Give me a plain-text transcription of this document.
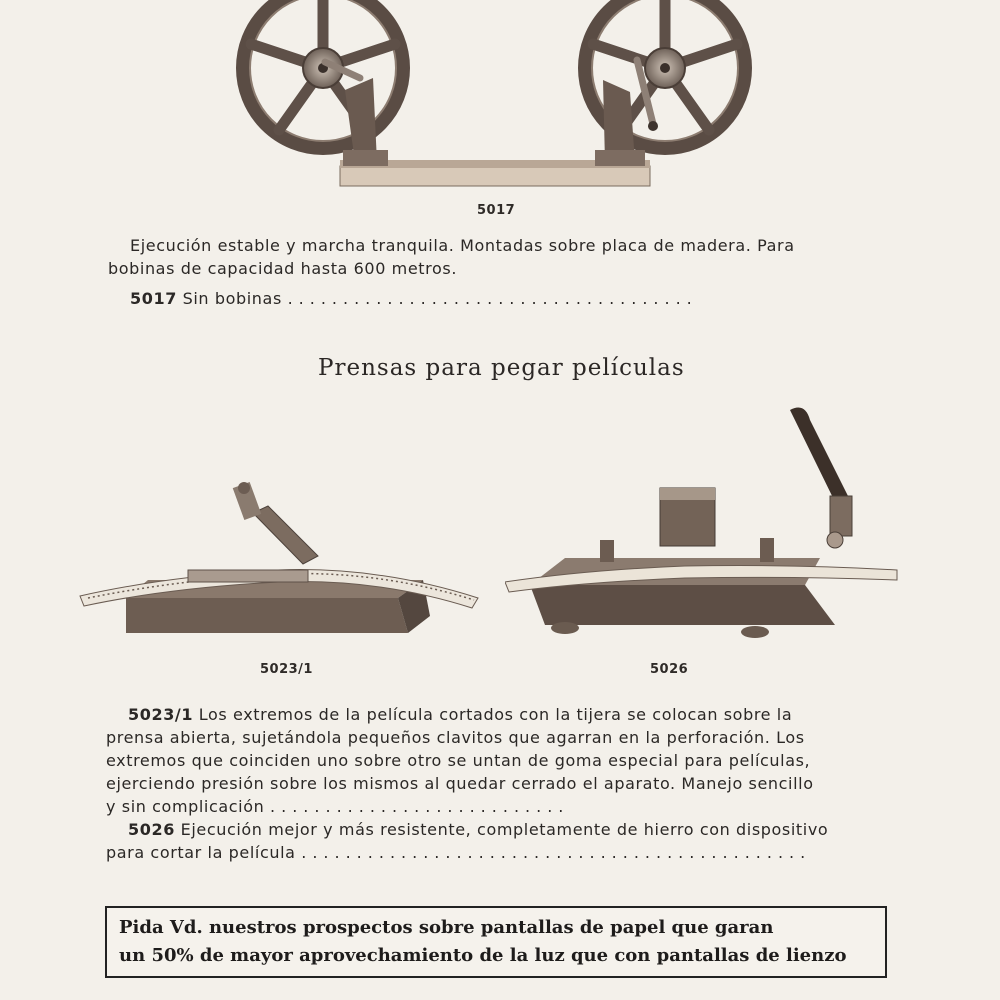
5017
Ejecución estable y marcha tranquila. Montadas sobre placa de madera. Para
bobinas de capacidad hasta 600 metros.
5017 Sin bobinas .....................................
Prensas para pegar películas
5023/1	5026
5023/1 Los extremos de la película cortados con la tijera se colocan sobre la
prensa abierta, sujetándola pequeños clavitos que agarran en la perforación. Los
extremos que coinciden uno sobre otro se untan de goma especial para películas,
ejerciendo presión sobre los mismos al quedar cerrado el aparato. Manejo sencillo
y sin complicación ...........................
5026 Ejecución mejor y más resistente, completamente de hierro con dispositivo
para cortar la película ..............................................
Pida Vd. nuestros prospectos sobre pantallas de papel que garan
un 50% de mayor aprovechamiento de la luz que con pantallas de lienzo
